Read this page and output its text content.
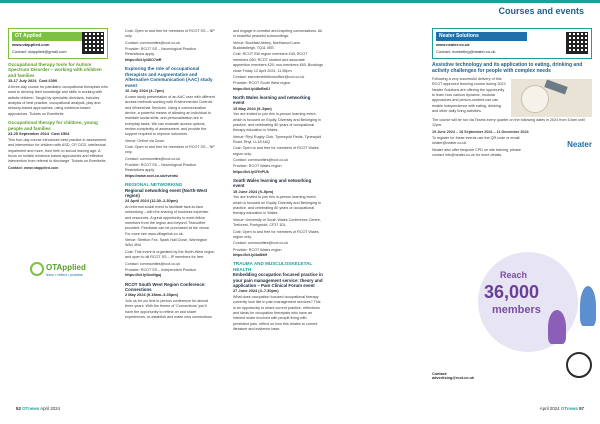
Courses and events
OT Applied
www.otapplied.com
Contact: otapplied@gmail.com
Occupational therapy tools for Autism Spectrum Disorder – working with children and families
15-17 July 2024 Cost £390
A three-day course for paediatric occupational therapists who want to develop their knowledge and skills in working with autistic children. Taught by specialist clinicians. Includes analysis of best practice, occupational analysis, play and sensory-based approaches, using evidence-based approaches. Tickets on Eventbrite.
Occupational therapy for children, young people and families
23-25 September 2024 Cost £504
This four-day course introduces best practice in assessment and intervention for children with ASD, CP, DCD, intellectual impairment and more, from birth to school leaving age. A focus on holistic evidence based approaches and effective intervention from referral to discharge. Tickets on Eventbrite.
Contact: www.otapplied.com
OTApplied
learn • reflect • practise
Cost: Open to and free for members of RCOT SS – NP only.
Contact: communities@rcot.co.uk
Provider: RCOT SS – Neurological Practice. Restrictions apply.
https://bit.ly/46O7wR
Exploring the role of occupational therapists and Augmentative and Alternative Communication (AAC) study event
10 July 2024 (4–7pm)
A case study presentation of an AAC user with different access methods working with Environmental Controls and Wheelchair Services. Using a communication device, a powerful means of allowing an individual to maintain social skills, and personalisation are in everyday tasks. We can evaluate access options, review complexity of assessment, and provide the support required to improve outcomes.
Venue: Online via Zoom.
Cost: Open to and free for members of RCOT SS – NP only.
Contact: communities@rcot.co.uk
Provider: RCOT SS – Neurological Practice. Restrictions apply.
https://www.rcot.co.uk/events/
REGIONAL NETWORKING
Regional networking event (North-West region)
24 April 2024 (12.30–2.30pm)
An informal social event to facilitate face-to-face networking – with the sharing of business expertise and resources. A great opportunity to meet fellow members from the region and beyond. Tea/coffee provided. Feedback can be purchased at the venue. For more see www.villagelink.co.uk.
Venue: Stretton Fox, Spark Hall Close, Warrington WA4 4NU
Cost: This event is organised by the North-West region and open to all RCOT SS – IP members for free.
Contact: communities@rcot.co.uk
Provider: RCOT SS – Independent Practice
https://bit.ly/3xxNgoj
RCOT South West Region Conference: Connections
2 May 2024 (9.15am–3.30pm)
Join us for our first in-person conference for almost three years. With the theme of 'Connections' you'll have the opportunity to reflect on and share experiences, re-establish and make new connections
and engage in creative and inspiring conversations. All in beautiful peaceful surroundings.
Venue: Buckfast Abbey, Northwood Lane, Buckfastleigh, TQ11 0EE.
Cost: RCOT SW region members £40; RCOT members £60; RCOT student and associate apprentice members £20; non-members £60. Bookings close Friday 12 April 2024, 11.55pm.
Contact: swrcotexhibitionsoffice@rcot.co.uk
Provider: RCOT South West region
https://bit.ly/48eBn6J
North Wales learning and networking event
15 May 2024 (9–5pm)
You are invited to join this in-person learning event, which is focused on Equity, Diversity and Belonging in practice, and celebrating 80 years of occupational therapy education in Wales.
Venue: Rhyl Rugby Club, Tynewydd Fields, Tynewydd Road, Rhyl, LL18 4AQ
Cost: Open to and free for members of RCOT Wales region only.
Contact: communities@rcot.co.uk
Provider: RCOT Wales region
https://bit.ly/3YhPUk
South Wales learning and networking event
19 June 2024 (9–5pm)
You are invited to join this in-person learning event, which is focused on Equity, Diversity and Belonging in practice, and celebrating 80 years of occupational therapy education in Wales.
Venue: University of South Wales Conference Centre, Treforest, Pontypridd, CF37 1DL
Cost: Open to and free for members of RCOT Wales region only.
Contact: communities@rcot.co.uk
Provider: RCOT Wales region
https://bit.ly/4o8tkH
TRAUMA AND MUSCULOSKELETAL HEALTH
Embedding occupation focused practice in your pain management service: theory and application – Pain Clinical Forum event
27 June 2024 (4–7.30pm)
What does occupation focused occupational therapy currently look like in pain management services? This is an opportunity to share current practice, reflections and ideas for occupation therapists who have an interest in/are involved with people living with persistent pain, reflect on how this relates to current literature and evidence base.
Neater Solutions
www.neater.co.uk
Contact: marketing@neater.co.uk
Assistive technology and its application to eating, drinking and activity challenges for people with complex needs
Following a very successful delivery of this RCOT approved learning course during 2023 Neater Solutions are offering the opportunity to learn how various dynamic, modular approaches and person-centred use can enable independence with eating, drinking and other daily living activities.
The course will be run via Teams every quarter on the following dates in 2024 from 10am until 12pm:
19 June 2024 – 18 September 2024 – 11 December 2024
To register for these events use the QR code or email: neater@neater.co.uk
Neater also offer bespoke CPD on site training, please contact info@neater.co.uk for more details.
Neater
Reach
36,000
members
Contact:
advertising@rcot.co.uk
52 OTnews April 2024	April 2024 OTnews 57
